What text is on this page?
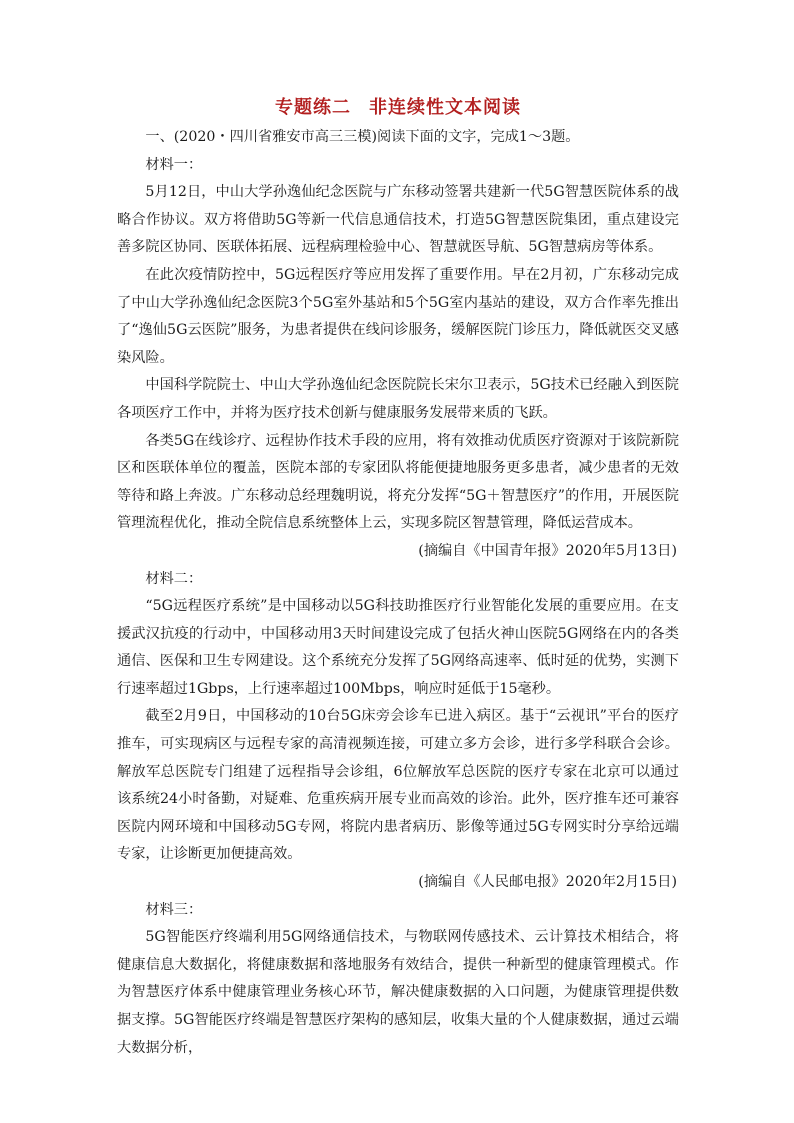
专题练二 非连续性文本阅读

一、(2020・四川省雅安市高三三模)阅读下面的文字，完成1～3题。

材料一：

5月12日，中山大学孙逸仙纪念医院与广东移动签署共建新一代5G智慧医院体系的战略合作协议。双方将借助5G等新一代信息通信技术，打造5G智慧医院集团，重点建设完善多院区协同、医联体拓展、远程病理检验中心、智慧就医导航、5G智慧病房等体系。

在此次疫情防控中，5G远程医疗等应用发挥了重要作用。早在2月初，广东移动完成了中山大学孙逸仙纪念医院3个5G室外基站和5个5G室内基站的建设，双方合作率先推出了“逸仙5G云医院”服务，为患者提供在线问诊服务，缓解医院门诊压力，降低就医交叉感染风险。

中国科学院院士、中山大学孙逸仙纪念医院院长宋尔卫表示，5G技术已经融入到医院各项医疗工作中，并将为医疗技术创新与健康服务发展带来质的飞跃。

各类5G在线诊疗、远程协作技术手段的应用，将有效推动优质医疗资源对于该院新院区和医联体单位的覆盖，医院本部的专家团队将能便捷地服务更多患者，减少患者的无效等待和路上奔波。广东移动总经理魏明说，将充分发挥“5G＋智慧医疗”的作用，开展医院管理流程优化，推动全院信息系统整体上云，实现多院区智慧管理，降低运营成本。

(摘编自《中国青年报》2020年5月13日)

材料二：

“5G远程医疗系统”是中国移动以5G科技助推医疗行业智能化发展的重要应用。在支援武汉抗疫的行动中，中国移动用3天时间建设完成了包括火神山医院5G网络在内的各类通信、医保和卫生专网建设。这个系统充分发挥了5G网络高速率、低时延的优势，实测下行速率超过1Gbps，上行速率超过100Mbps，响应时延低于15毫秒。

截至2月9日，中国移动的10台5G床旁会诊车已进入病区。基于“云视讯”平台的医疗推车，可实现病区与远程专家的高清视频连接，可建立多方会诊，进行多学科联合会诊。解放军总医院专门组建了远程指导会诊组，6位解放军总医院的医疗专家在北京可以通过该系统24小时备勤，对疑难、危重疾病开展专业而高效的诊治。此外，医疗推车还可兼容医院内网环境和中国移动5G专网，将院内患者病历、影像等通过5G专网实时分享给远端专家，让诊断更加便捷高效。

(摘编自《人民邮电报》2020年2月15日)

材料三：

5G智能医疗终端利用5G网络通信技术，与物联网传感技术、云计算技术相结合，将健康信息大数据化，将健康数据和落地服务有效结合，提供一种新型的健康管理模式。作为智慧医疗体系中健康管理业务核心环节，解决健康数据的入口问题，为健康管理提供数据支撑。5G智能医疗终端是智慧医疗架构的感知层，收集大量的个人健康数据，通过云端大数据分析，
